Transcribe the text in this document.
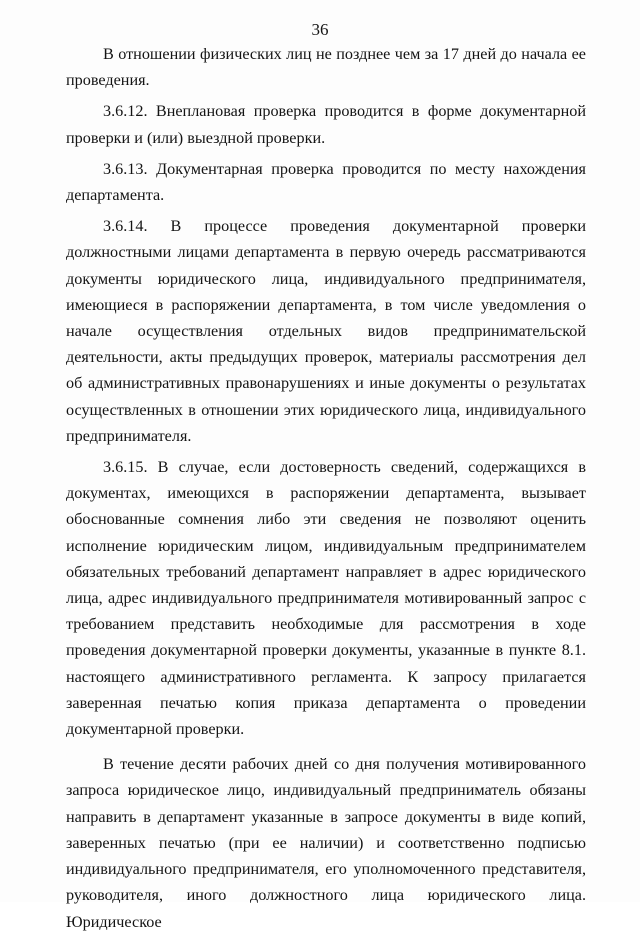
36

В отношении физических лиц не позднее чем за 17 дней до начала ее проведения.

3.6.12. Внеплановая проверка проводится в форме документарной проверки и (или) выездной проверки.

3.6.13. Документарная проверка проводится по месту нахождения департамента.

3.6.14. В процессе проведения документарной проверки должностными лицами департамента в первую очередь рассматриваются документы юридического лица, индивидуального предпринимателя, имеющиеся в распоряжении департамента, в том числе уведомления о начале осуществления отдельных видов предпринимательской деятельности, акты предыдущих проверок, материалы рассмотрения дел об административных правонарушениях и иные документы о результатах осуществленных в отношении этих юридического лица, индивидуального предпринимателя.

3.6.15. В случае, если достоверность сведений, содержащихся в документах, имеющихся в распоряжении департамента, вызывает обоснованные сомнения либо эти сведения не позволяют оценить исполнение юридическим лицом, индивидуальным предпринимателем обязательных требований департамент направляет в адрес юридического лица, адрес индивидуального предпринимателя мотивированный запрос с требованием представить необходимые для рассмотрения в ходе проведения документарной проверки документы, указанные в пункте 8.1. настоящего административного регламента. К запросу прилагается заверенная печатью копия приказа департамента о проведении документарной проверки.

В течение десяти рабочих дней со дня получения мотивированного запроса юридическое лицо, индивидуальный предприниматель обязаны направить в департамент указанные в запросе документы в виде копий, заверенных печатью (при ее наличии) и соответственно подписью индивидуального предпринимателя, его уполномоченного представителя, руководителя, иного должностного лица юридического лица. Юридическое
